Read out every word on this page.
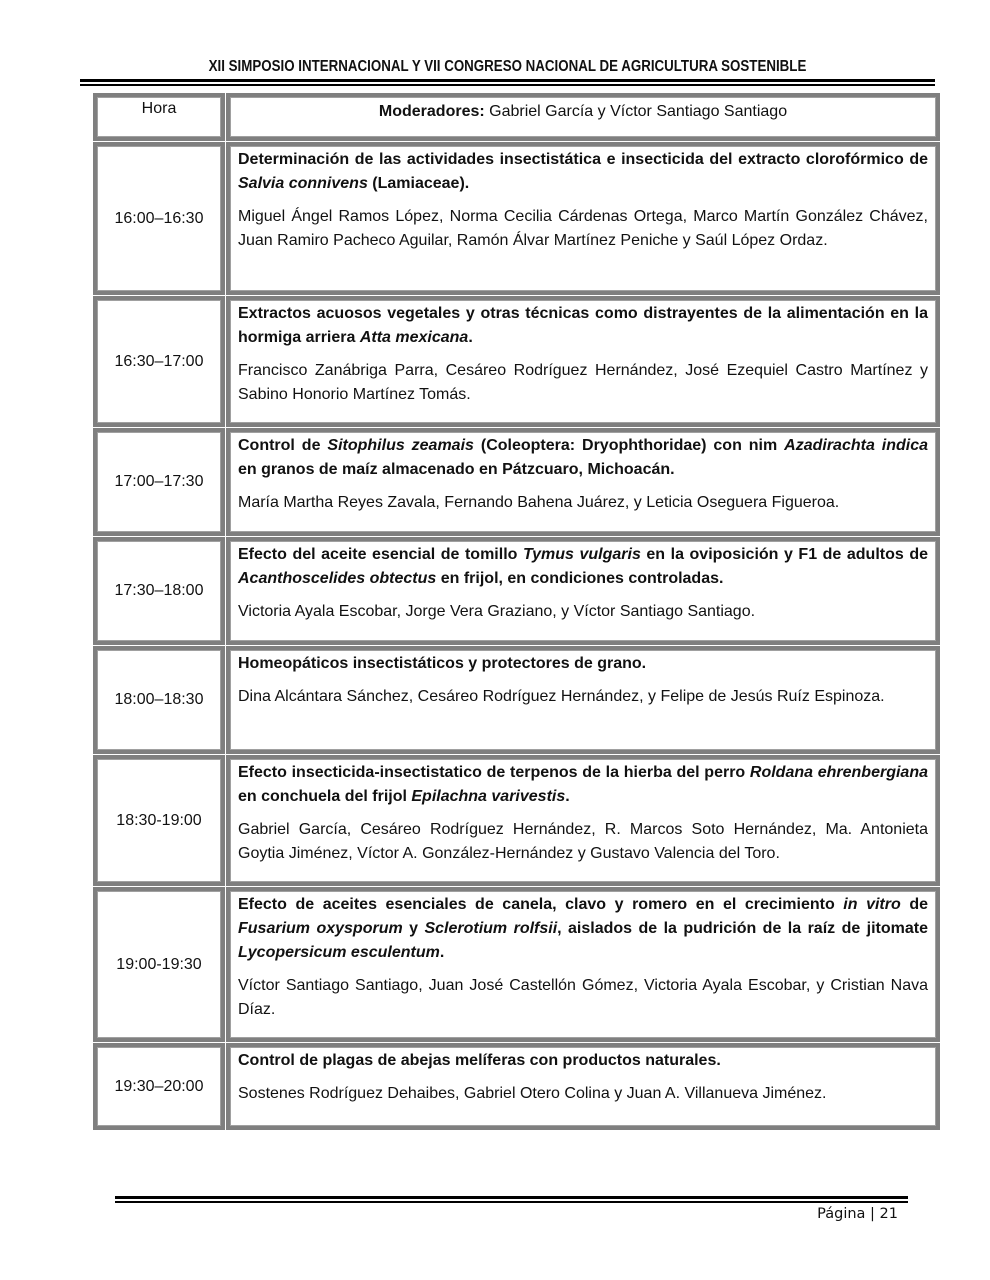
XII SIMPOSIO INTERNACIONAL Y VII CONGRESO NACIONAL DE AGRICULTURA SOSTENIBLE
Hora	Moderadores: Gabriel García y Víctor Santiago Santiago
16:00–16:30
Determinación de las actividades insectistática e insecticida del extracto clorofórmico de Salvia connivens (Lamiaceae).
Miguel Ángel Ramos López, Norma Cecilia Cárdenas Ortega, Marco Martín González Chávez, Juan Ramiro Pacheco Aguilar, Ramón Álvar Martínez Peniche y Saúl López Ordaz.
16:30–17:00
Extractos acuosos vegetales y otras técnicas como distrayentes de la alimentación en la hormiga arriera Atta mexicana.
Francisco Zanábriga Parra, Cesáreo Rodríguez Hernández, José Ezequiel Castro Martínez y Sabino Honorio Martínez Tomás.
17:00–17:30
Control de Sitophilus zeamais (Coleoptera: Dryophthoridae) con nim Azadirachta indica en granos de maíz almacenado en Pátzcuaro, Michoacán.
María Martha Reyes Zavala, Fernando Bahena Juárez, y Leticia Oseguera Figueroa.
17:30–18:00
Efecto del aceite esencial de tomillo Tymus vulgaris en la oviposición y F1 de adultos de Acanthoscelides obtectus en frijol, en condiciones controladas.
Victoria Ayala Escobar, Jorge Vera Graziano, y Víctor Santiago Santiago.
18:00–18:30
Homeopáticos insectistáticos y protectores de grano.
Dina Alcántara Sánchez, Cesáreo Rodríguez Hernández, y Felipe de Jesús Ruíz Espinoza.
18:30-19:00
Efecto insecticida-insectistatico de terpenos de la hierba del perro Roldana ehrenbergiana en conchuela del frijol Epilachna varivestis.
Gabriel García, Cesáreo Rodríguez Hernández, R. Marcos Soto Hernández, Ma. Antonieta Goytia Jiménez, Víctor A. González-Hernández y Gustavo Valencia del Toro.
19:00-19:30
Efecto de aceites esenciales de canela, clavo y romero en el crecimiento in vitro de Fusarium oxysporum y Sclerotium rolfsii, aislados de la pudrición de la raíz de jitomate Lycopersicum esculentum.
Víctor Santiago Santiago, Juan José Castellón Gómez, Victoria Ayala Escobar, y Cristian Nava Díaz.
19:30–20:00
Control de plagas de abejas melíferas con productos naturales.
Sostenes Rodríguez Dehaibes, Gabriel Otero Colina y Juan A. Villanueva Jiménez.
Página | 21
